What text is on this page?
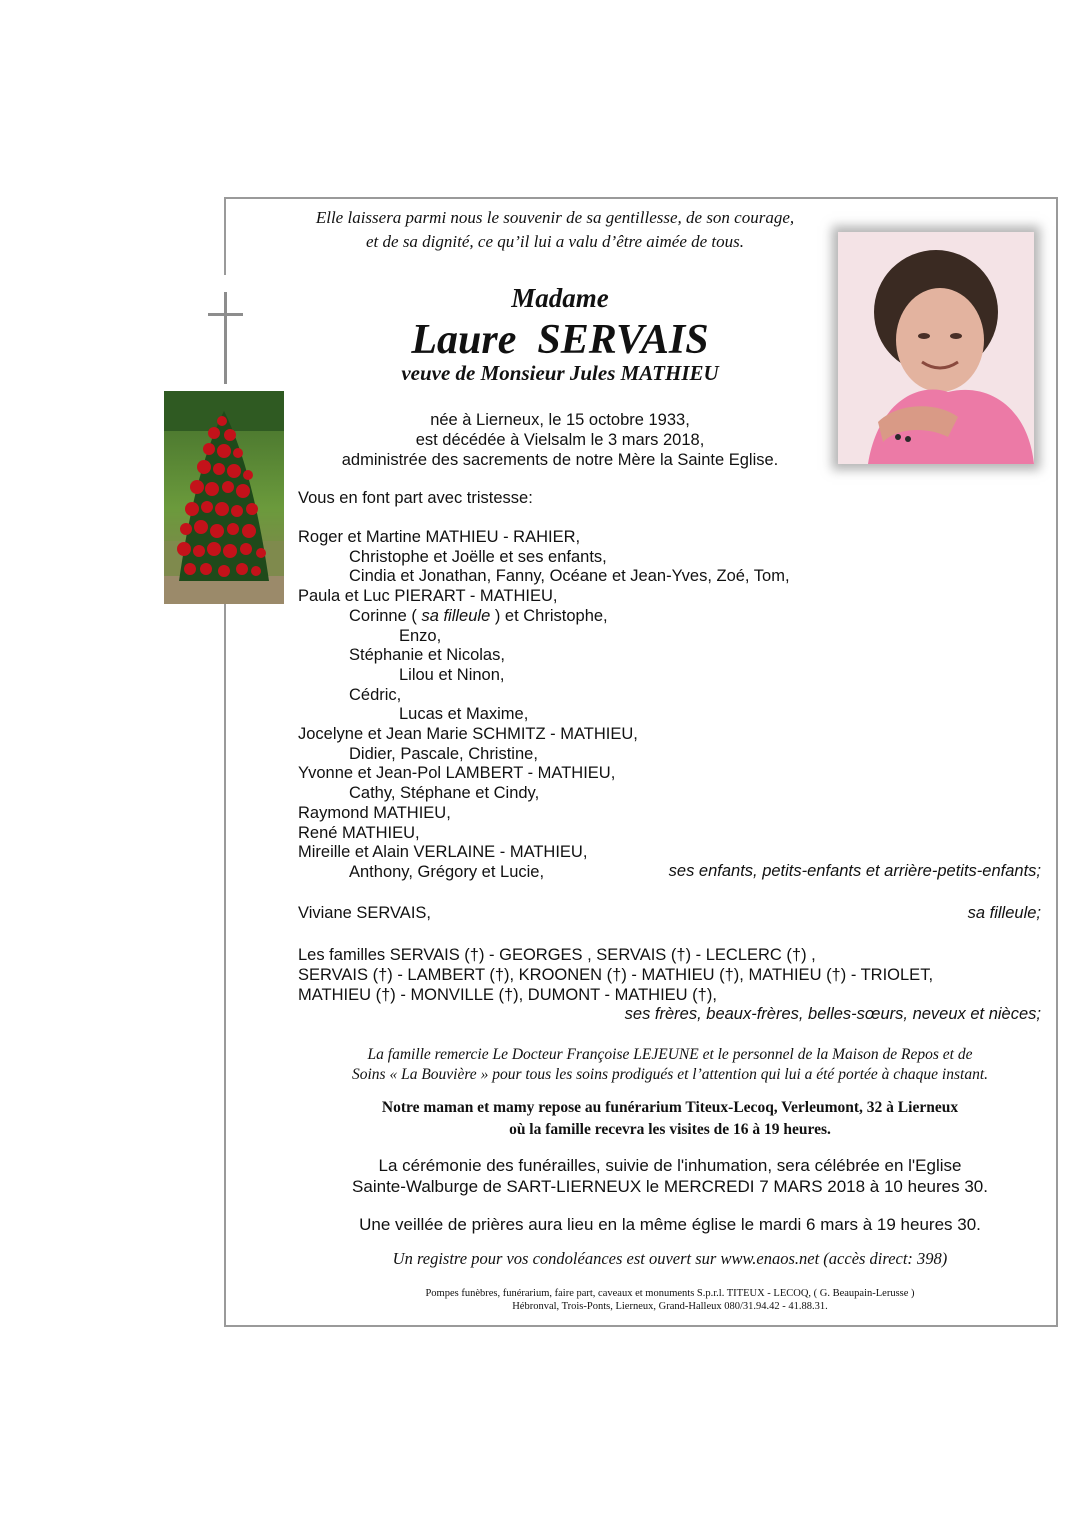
Elle laissera parmi nous le souvenir de sa gentillesse, de son courage,
et de sa dignité, ce qu’il lui a valu d’être aimée de tous.
Madame
Laure  SERVAIS
veuve de Monsieur Jules MATHIEU
née à Lierneux, le 15 octobre 1933,
est décédée à Vielsalm le 3 mars 2018,
administrée des sacrements de notre Mère la Sainte Eglise.
Vous en font part avec tristesse:
Roger et Martine MATHIEU - RAHIER,
Christophe et Joëlle et ses enfants,
Cindia et Jonathan, Fanny, Océane et Jean-Yves, Zoé, Tom,
Paula et Luc PIERART - MATHIEU,
Corinne ( sa filleule ) et Christophe,
Enzo,
Stéphanie et Nicolas,
Lilou et Ninon,
Cédric,
Lucas et Maxime,
Jocelyne et Jean Marie SCHMITZ - MATHIEU,
Didier, Pascale, Christine,
Yvonne et Jean-Pol LAMBERT - MATHIEU,
Cathy, Stéphane et Cindy,
Raymond MATHIEU,
René MATHIEU,
Mireille et Alain VERLAINE - MATHIEU,
Anthony, Grégory et Lucie,	ses enfants, petits-enfants et arrière-petits-enfants;
Viviane SERVAIS,	sa filleule;
Les familles SERVAIS (†) - GEORGES , SERVAIS (†) - LECLERC (†) ,
SERVAIS (†) - LAMBERT (†), KROONEN (†) - MATHIEU (†), MATHIEU (†) - TRIOLET,
MATHIEU (†) - MONVILLE (†), DUMONT - MATHIEU (†),
ses frères, beaux-frères, belles-sœurs, neveux et nièces;
La famille remercie Le Docteur Françoise LEJEUNE et le personnel de la Maison de Repos et de
Soins « La Bouvière » pour tous les soins prodigués et l’attention qui lui a été portée à chaque instant.
Notre maman et mamy repose au funérarium Titeux-Lecoq, Verleumont, 32 à Lierneux
où la famille recevra les visites de 16 à 19 heures.
La cérémonie des funérailles, suivie de l'inhumation, sera célébrée en l'Eglise
Sainte-Walburge de SART-LIERNEUX le MERCREDI 7 MARS 2018 à 10 heures 30.
Une veillée de prières aura lieu en la même église le mardi 6 mars à 19 heures 30.
Un registre pour vos condoléances est ouvert sur www.enaos.net (accès direct: 398)
Pompes funèbres, funérarium, faire part, caveaux et monuments S.p.r.l. TITEUX - LECOQ, ( G. Beaupain-Lerusse )
Hébronval, Trois-Ponts, Lierneux, Grand-Halleux 080/31.94.42 - 41.88.31.
